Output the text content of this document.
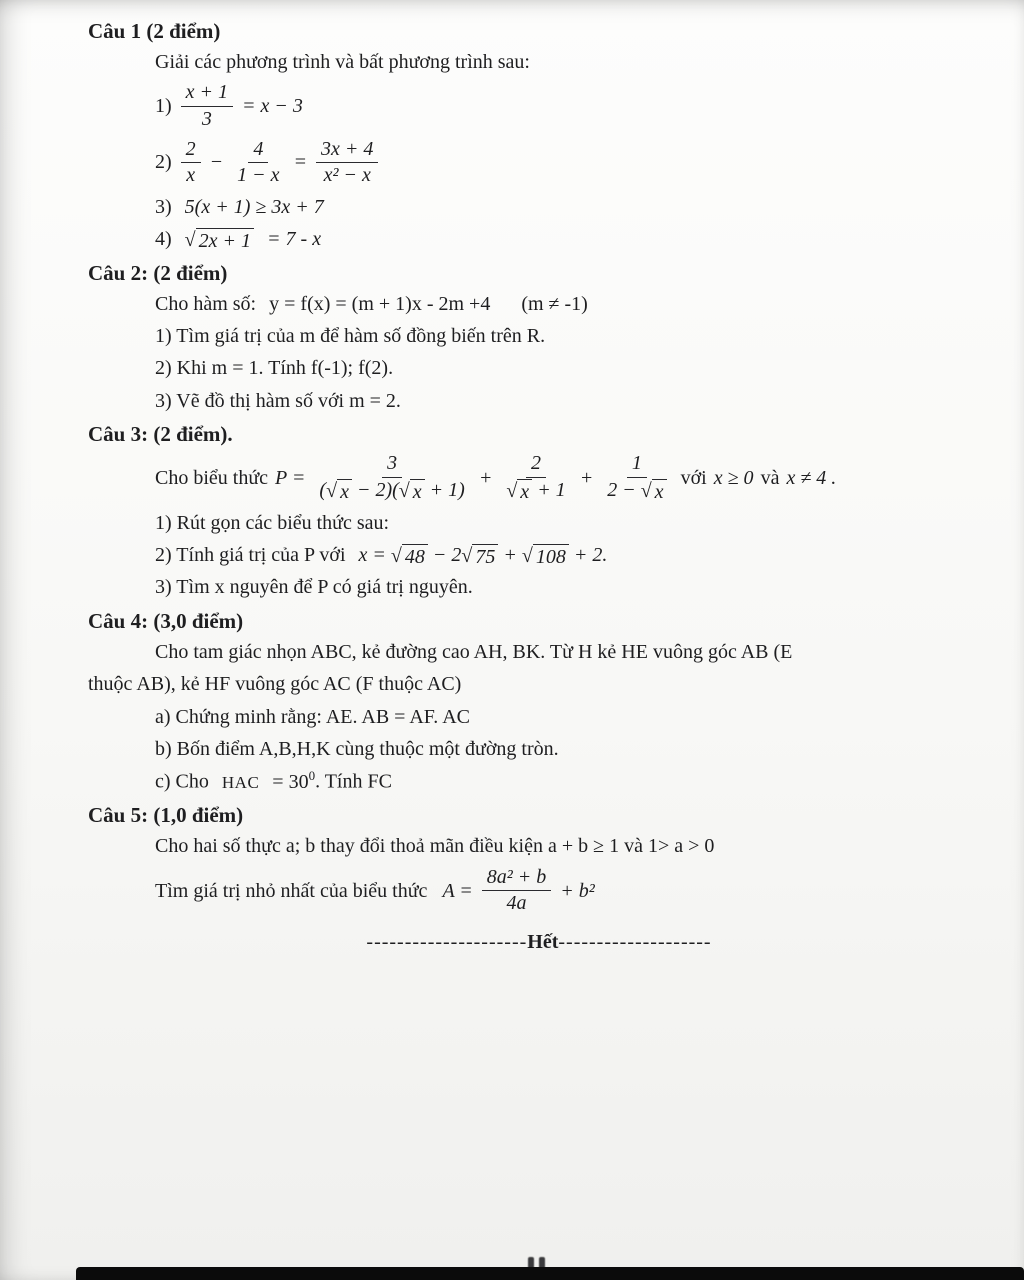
Câu 1 (2 điểm)
Giải các phương trình và bất phương trình sau:
$1) \frac{x + 1}{3} = x - 3$
$2) \frac{2}{x} - \frac{4}{1 - x} = \frac{3x + 4}{\text{x² − x}}$
3) 5(x + 1) ≥ 3x + 7
4) √ 2x + 1 = 7 - x
Câu 2: (2 điểm)
Cho hàm số: y = f(x) = (m + 1)x - 2m +4 (m ≠ -1)
1) Tìm giá trị của m để hàm số đồng biến trên R.
2) Khi m = 1. Tính f(-1); f(2).
3) Vẽ đồ thị hàm số với m = 2.
Câu 3: (2 điểm).
Cho biểu thức $P = \frac{3}{( √ x - 2)( √ x + 1)} + \frac{2}{√ x + 1} + \frac{1}{2 - √ x}$ với x ≥ 0 và x ≠ 4 .
1) Rút gọn các biểu thức sau:
2) Tính giá trị của P với x = √ 48 − 2 √ 75 + √ 108 + 2.
3) Tìm x nguyên để P có giá trị nguyên.
Câu 4: (3,0 điểm)
Cho tam giác nhọn ABC, kẻ đường cao AH, BK. Từ H kẻ HE vuông góc AB (E
thuộc AB), kẻ HF vuông góc AC (F thuộc AC)
a) Chứng minh rằng: AE. AB = AF. AC
b) Bốn điểm A,B,H,K cùng thuộc một đường tròn.
c) Cho HAC = $30^0$. Tính FC
Câu 5: (1,0 điểm)
Cho hai số thực a; b thay đổi thoả mãn điều kiện a + b ≥ 1 và 1> a > 0
Tìm giá trị nhỏ nhất của biểu thức $A = \frac{\text{8a² + b}}{4a} + b^2$
---------------------Hết--------------------
